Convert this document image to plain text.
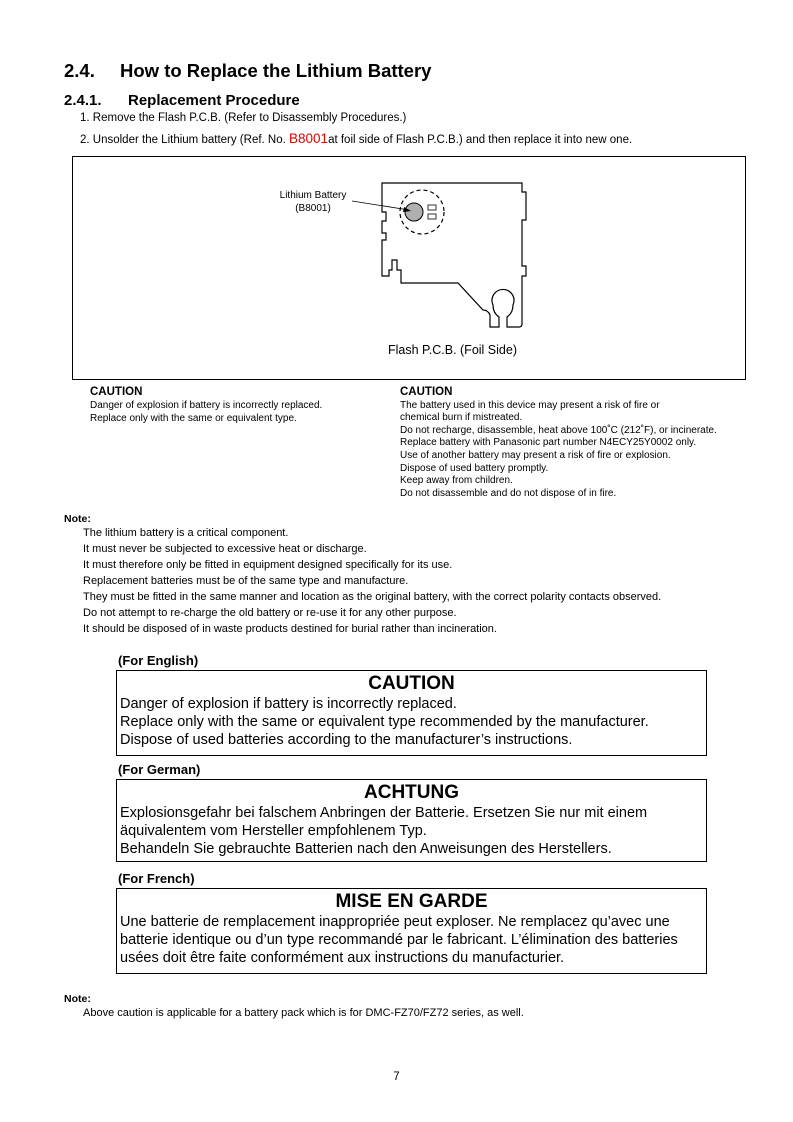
2.4. How to Replace the Lithium Battery
2.4.1. Replacement Procedure
1. Remove the Flash P.C.B. (Refer to Disassembly Procedures.)
2. Unsolder the Lithium battery (Ref. No. B8001at foil side of Flash P.C.B.) and then replace it into new one.
Lithium Battery
(B8001)
Flash P.C.B. (Foil Side)
CAUTION
Danger of explosion if battery is incorrectly replaced.
Replace only with the same or equivalent type.
CAUTION
The battery used in this device may present a risk of fire or
chemical burn if mistreated.
Do not recharge, disassemble, heat above 100˚C (212˚F), or incinerate.
Replace battery with Panasonic part number N4ECY25Y0002 only.
Use of another battery may present a risk of fire or explosion.
Dispose of used battery promptly.
Keep away from children.
Do not disassemble and do not dispose of in fire.
Note:
The lithium battery is a critical component.
It must never be subjected to excessive heat or discharge.
It must therefore only be fitted in equipment designed specifically for its use.
Replacement batteries must be of the same type and manufacture.
They must be fitted in the same manner and location as the original battery, with the correct polarity contacts observed.
Do not attempt to re-charge the old battery or re-use it for any other purpose.
It should be disposed of in waste products destined for burial rather than incineration.
(For English)
CAUTION
Danger of explosion if battery is incorrectly replaced.
Replace only with the same or equivalent type recommended by the manufacturer.
Dispose of used batteries according to the manufacturer’s instructions.
(For German)
ACHTUNG
Explosionsgefahr bei falschem Anbringen der Batterie. Ersetzen Sie nur mit einem
äquivalentem vom Hersteller empfohlenem Typ.
Behandeln Sie gebrauchte Batterien nach den Anweisungen des Herstellers.
(For French)
MISE EN GARDE
Une batterie de remplacement inappropriée peut exploser. Ne remplacez qu’avec une
batterie identique ou d’un type recommandé par le fabricant. L’élimination des batteries
usées doit être faite conformément aux instructions du manufacturier.
Note:
Above caution is applicable for a battery pack which is for DMC-FZ70/FZ72 series, as well.
7
